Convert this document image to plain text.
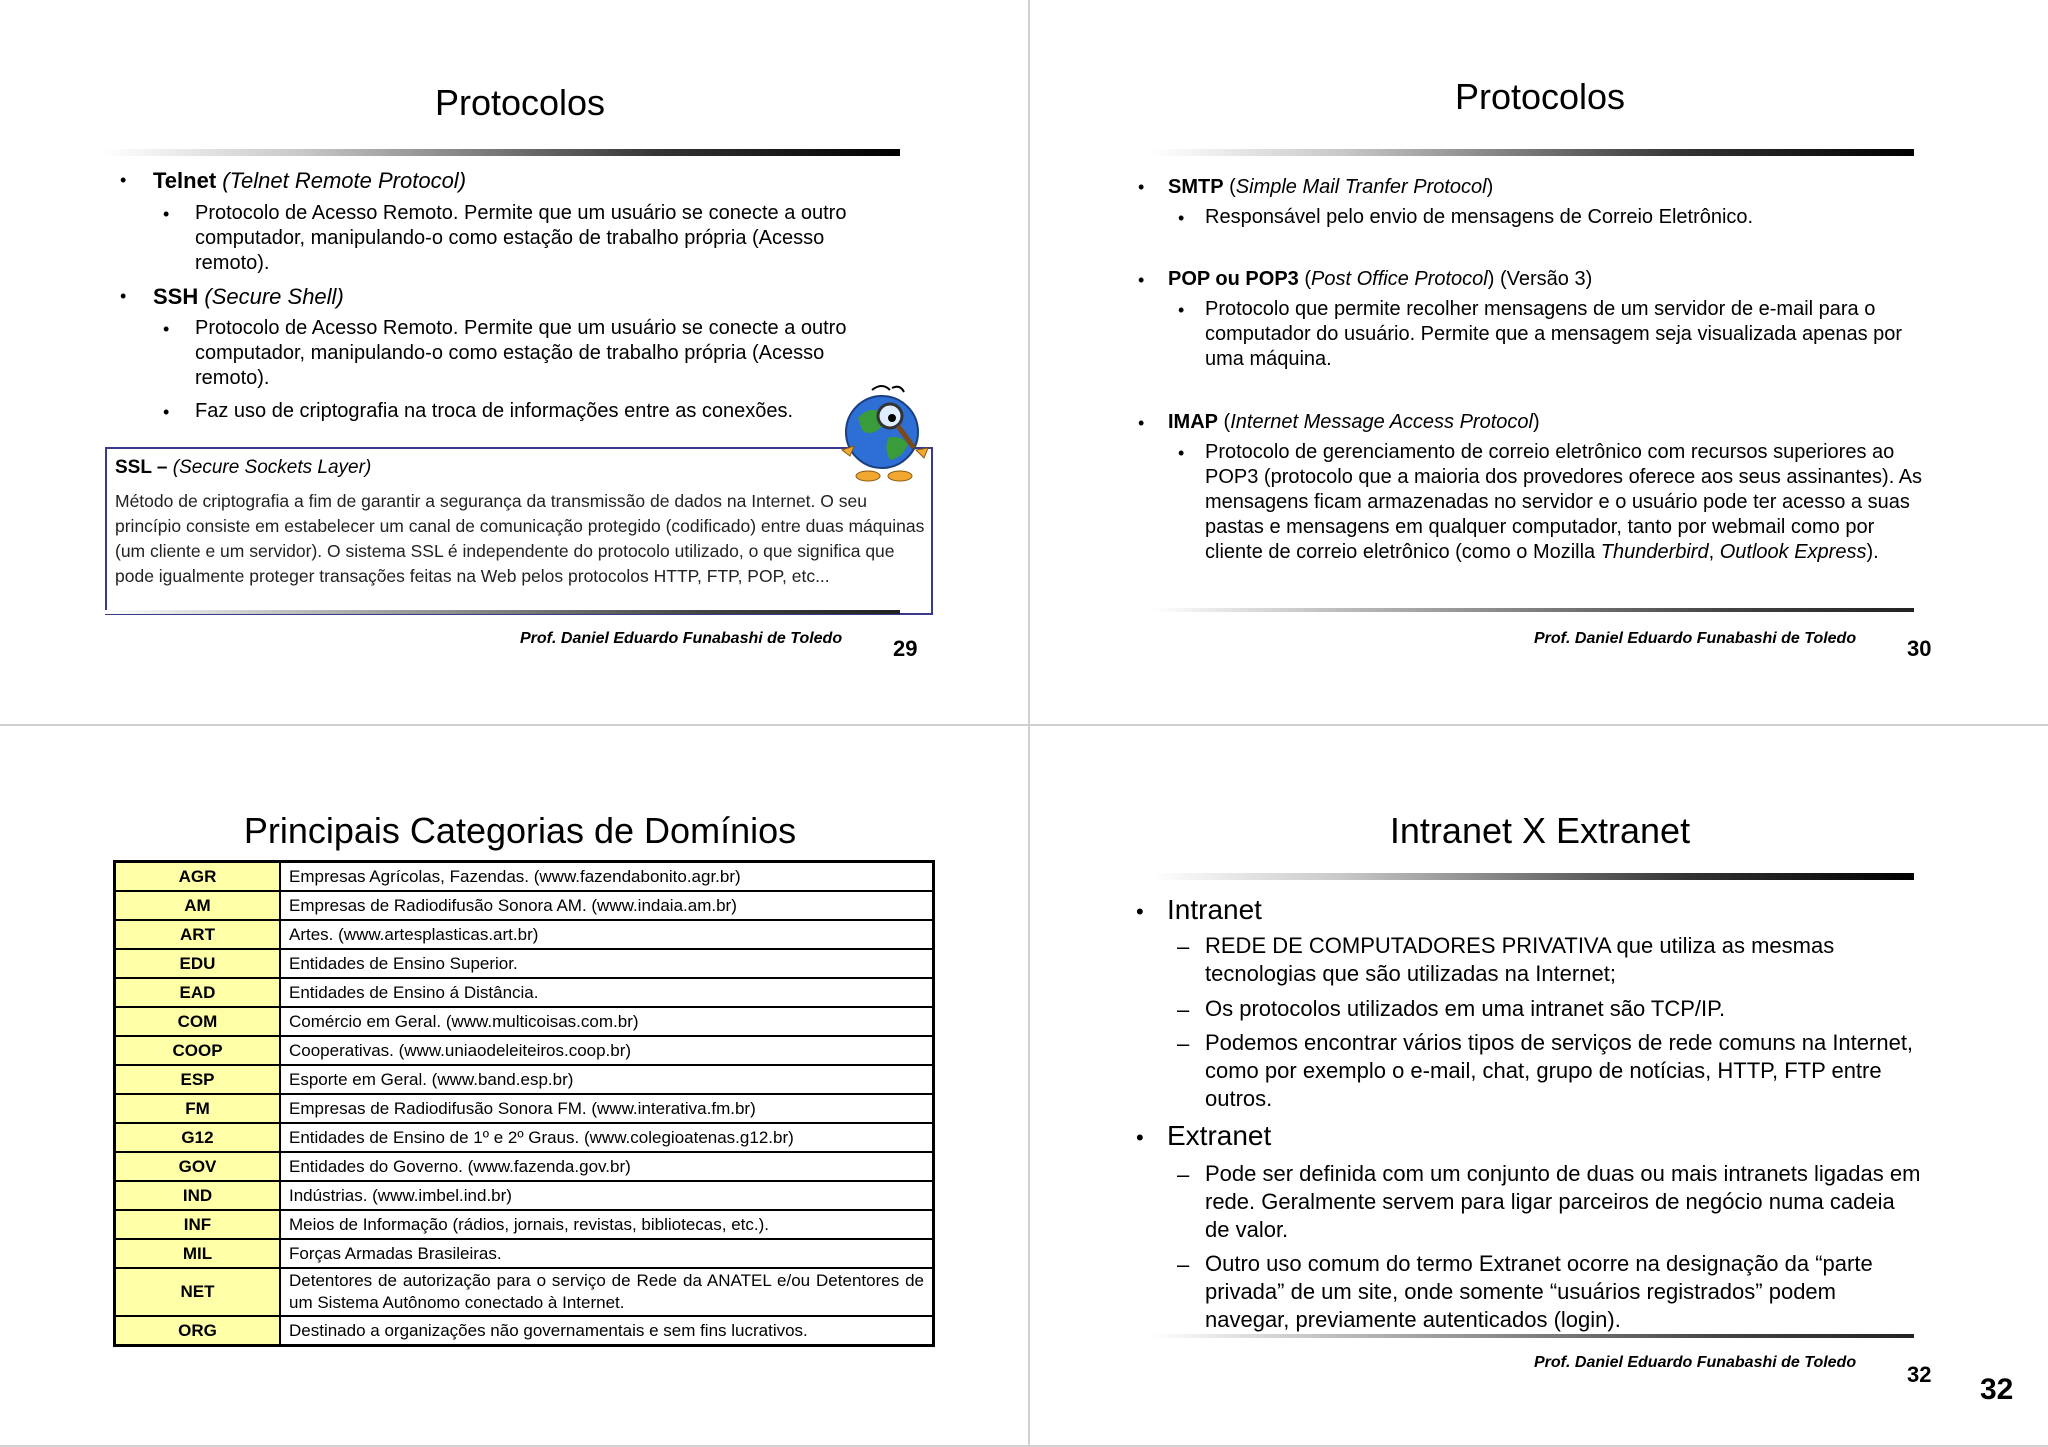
Protocolos
• Telnet (Telnet Remote Protocol)
• Protocolo de Acesso Remoto. Permite que um usuário se conecte a outro computador, manipulando-o como estação de trabalho própria (Acesso remoto).
• SSH (Secure Shell)
• Protocolo de Acesso Remoto. Permite que um usuário se conecte a outro computador, manipulando-o como estação de trabalho própria (Acesso remoto).
• Faz uso de criptografia na troca de informações entre as conexões.
SSL – (Secure Sockets Layer)
Método de criptografia a fim de garantir a segurança da transmissão de dados na Internet. O seu princípio consiste em estabelecer um canal de comunicação protegido (codificado) entre duas máquinas (um cliente e um servidor). O sistema SSL é independente do protocolo utilizado, o que significa que pode igualmente proteger transações feitas na Web pelos protocolos HTTP, FTP, POP, etc...
Prof. Daniel Eduardo Funabashi de Toledo 29
Protocolos
• SMTP (Simple Mail Tranfer Protocol)
• Responsável pelo envio de mensagens de Correio Eletrônico.
• POP ou POP3 (Post Office Protocol) (Versão 3)
• Protocolo que permite recolher mensagens de um servidor de e-mail para o computador do usuário. Permite que a mensagem seja visualizada apenas por uma máquina.
• IMAP (Internet Message Access Protocol)
• Protocolo de gerenciamento de correio eletrônico com recursos superiores ao POP3 (protocolo que a maioria dos provedores oferece aos seus assinantes). As mensagens ficam armazenadas no servidor e o usuário pode ter acesso a suas pastas e mensagens em qualquer computador, tanto por webmail como por cliente de correio eletrônico (como o Mozilla Thunderbird, Outlook Express).
Prof. Daniel Eduardo Funabashi de Toledo 30
Principais Categorias de Domínios
AGR	Empresas Agrícolas, Fazendas. (www.fazendabonito.agr.br)
AM	Empresas de Radiodifusão Sonora AM. (www.indaia.am.br)
ART	Artes. (www.artesplasticas.art.br)
EDU	Entidades de Ensino Superior.
EAD	Entidades de Ensino á Distância.
COM	Comércio em Geral. (www.multicoisas.com.br)
COOP	Cooperativas. (www.uniaodeleiteiros.coop.br)
ESP	Esporte em Geral. (www.band.esp.br)
FM	Empresas de Radiodifusão Sonora FM. (www.interativa.fm.br)
G12	Entidades de Ensino de 1º e 2º Graus. (www.colegioatenas.g12.br)
GOV	Entidades do Governo. (www.fazenda.gov.br)
IND	Indústrias. (www.imbel.ind.br)
INF	Meios de Informação (rádios, jornais, revistas, bibliotecas, etc.).
MIL	Forças Armadas Brasileiras.
NET	Detentores de autorização para o serviço de Rede da ANATEL e/ou Detentores de um Sistema Autônomo conectado à Internet.
ORG	Destinado a organizações não governamentais e sem fins lucrativos.
Intranet X Extranet
• Intranet
– REDE DE COMPUTADORES PRIVATIVA que utiliza as mesmas tecnologias que são utilizadas na Internet;
– Os protocolos utilizados em uma intranet são TCP/IP.
– Podemos encontrar vários tipos de serviços de rede comuns na Internet, como por exemplo o e-mail, chat, grupo de notícias, HTTP, FTP entre outros.
• Extranet
– Pode ser definida com um conjunto de duas ou mais intranets ligadas em rede. Geralmente servem para ligar parceiros de negócio numa cadeia de valor.
– Outro uso comum do termo Extranet ocorre na designação da “parte privada” de um site, onde somente “usuários registrados” podem navegar, previamente autenticados (login).
Prof. Daniel Eduardo Funabashi de Toledo 32 32
